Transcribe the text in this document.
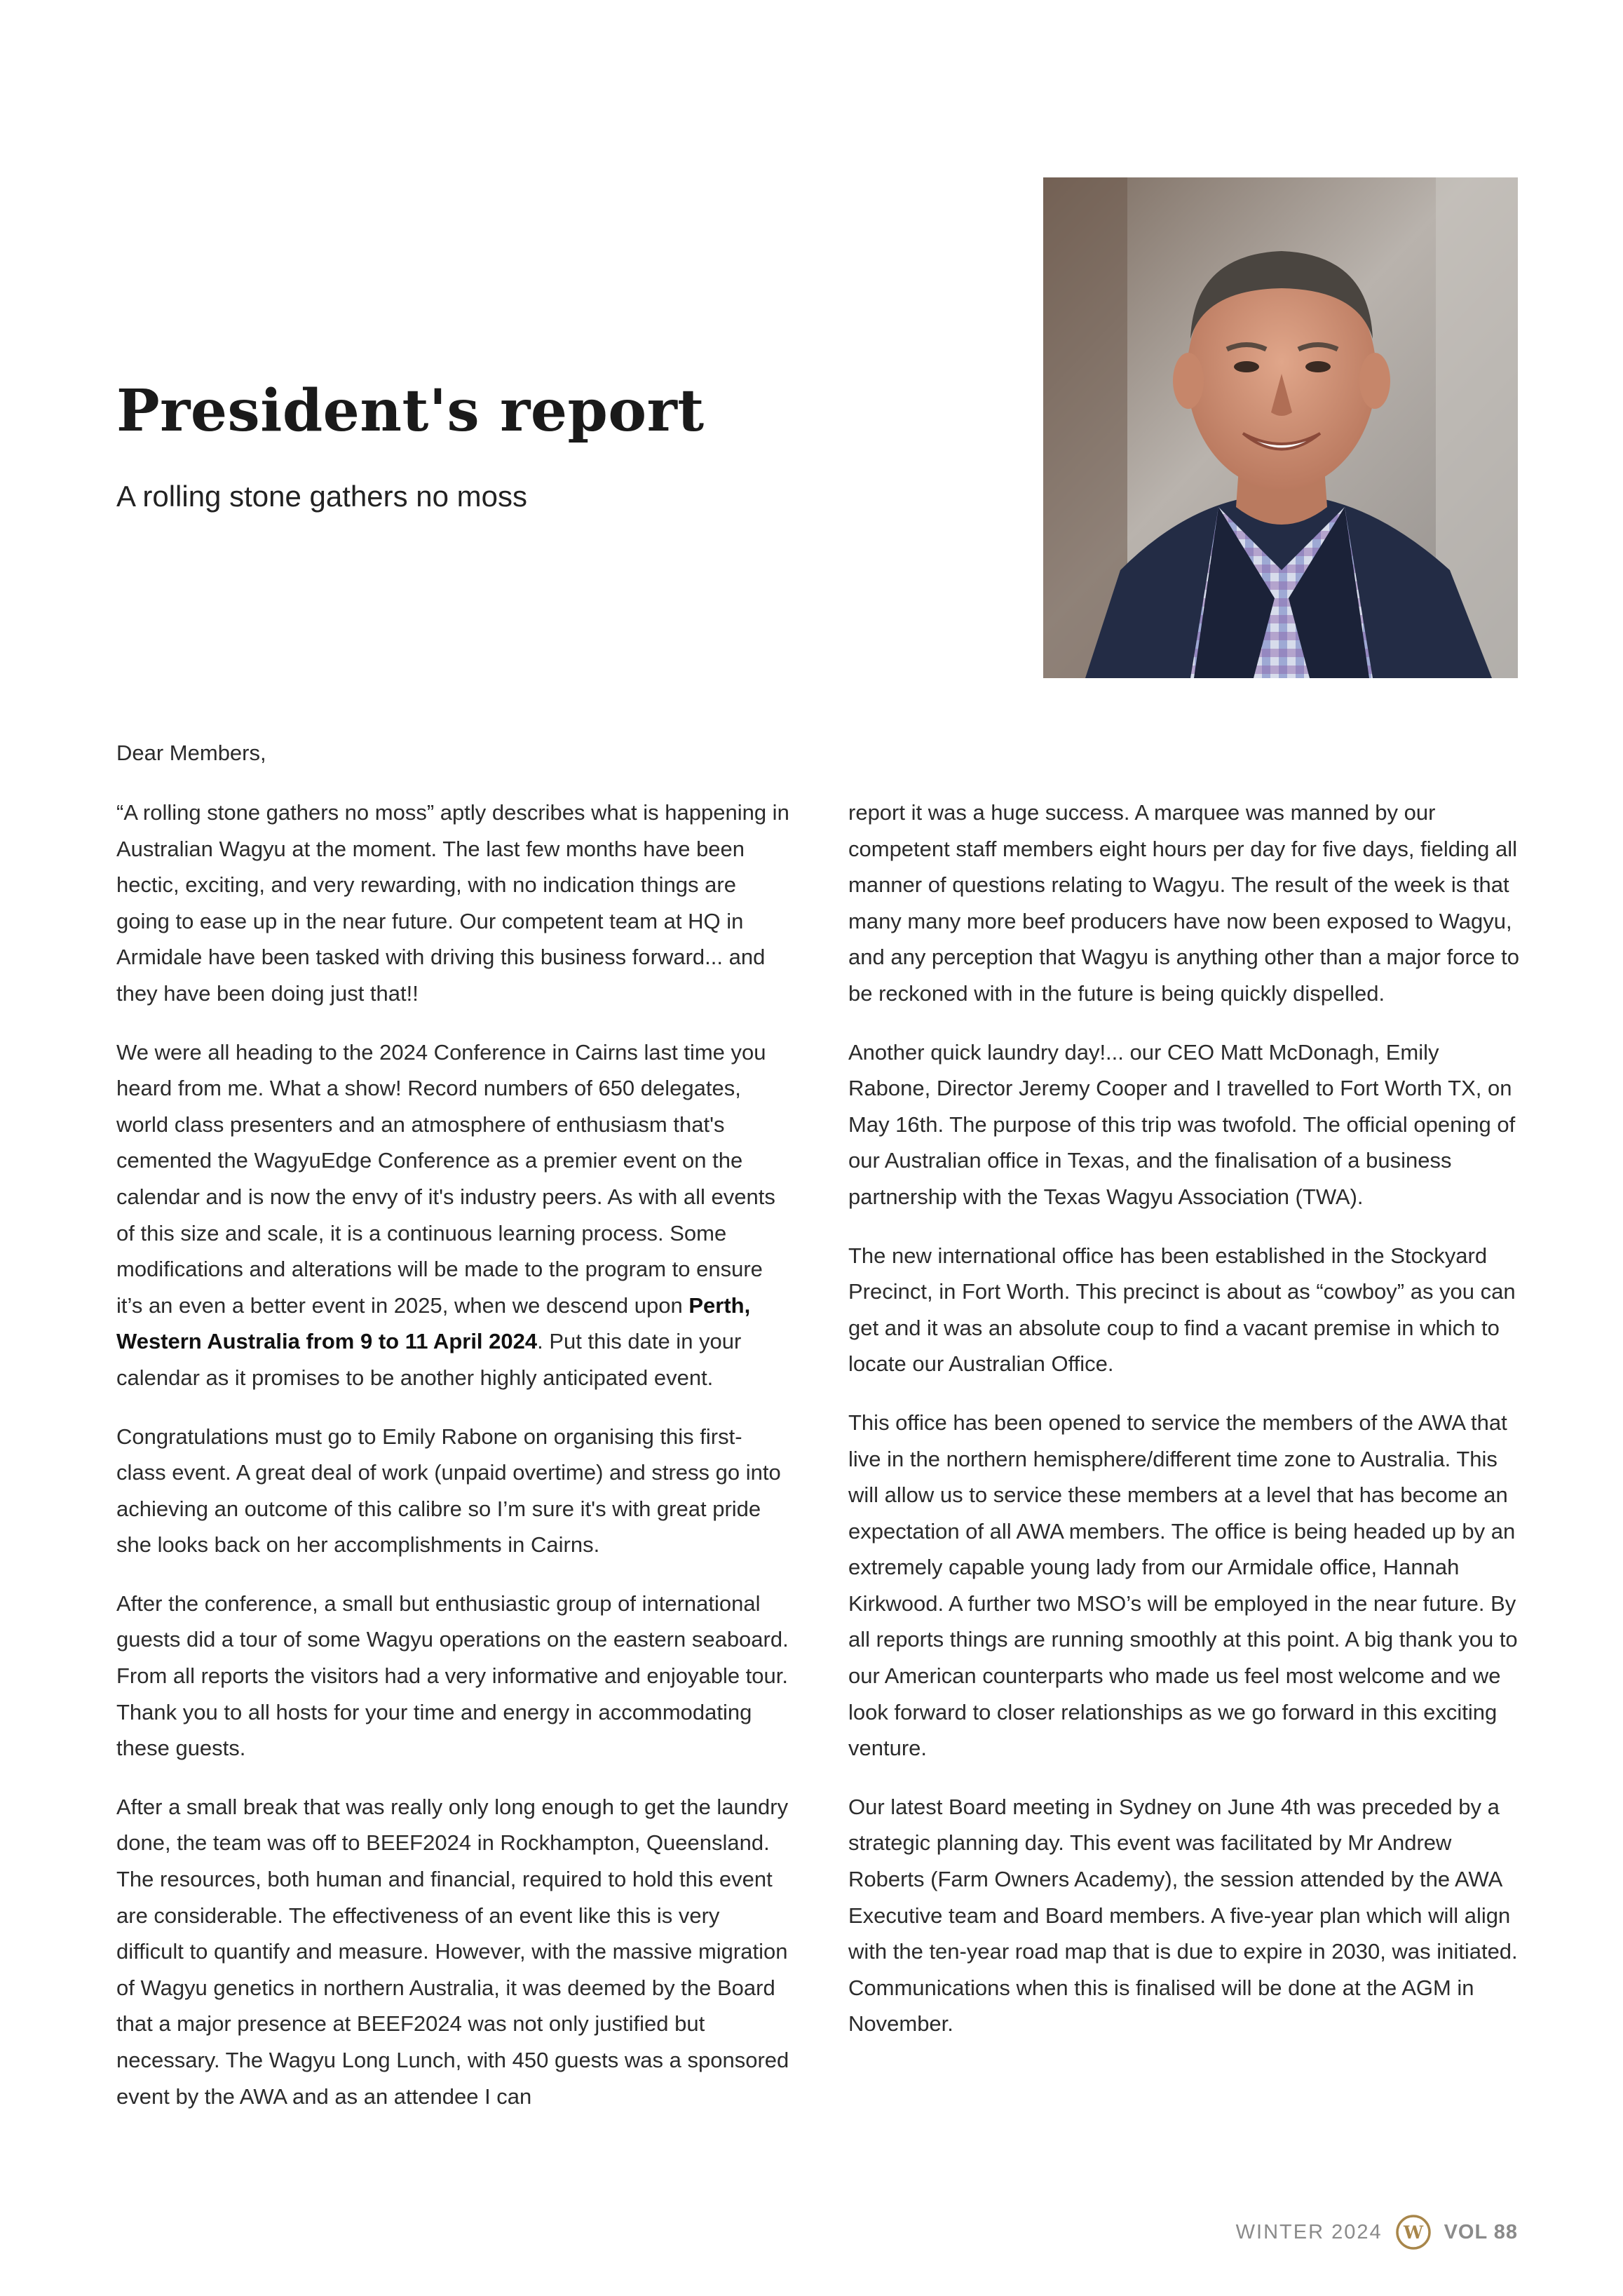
President's report
A rolling stone gathers no moss

Dear Members,

“A rolling stone gathers no moss” aptly describes what is happening in Australian Wagyu at the moment. The last few months have been hectic, exciting, and very rewarding, with no indication things are going to ease up in the near future. Our competent team at HQ in Armidale have been tasked with driving this business forward... and they have been doing just that!!

We were all heading to the 2024 Conference in Cairns last time you heard from me. What a show! Record numbers of 650 delegates, world class presenters and an atmosphere of enthusiasm that's cemented the WagyuEdge Conference as a premier event on the calendar and is now the envy of it's industry peers. As with all events of this size and scale, it is a continuous learning process. Some modifications and alterations will be made to the program to ensure it’s an even a better event in 2025, when we descend upon Perth, Western Australia from 9 to 11 April 2024. Put this date in your calendar as it promises to be another highly anticipated event.

Congratulations must go to Emily Rabone on organising this first-class event. A great deal of work (unpaid overtime) and stress go into achieving an outcome of this calibre so I’m sure it's with great pride she looks back on her accomplishments in Cairns.

After the conference, a small but enthusiastic group of international guests did a tour of some Wagyu operations on the eastern seaboard. From all reports the visitors had a very informative and enjoyable tour. Thank you to all hosts for your time and energy in accommodating these guests.

After a small break that was really only long enough to get the laundry done, the team was off to BEEF2024 in Rockhampton, Queensland. The resources, both human and financial, required to hold this event are considerable. The effectiveness of an event like this is very difficult to quantify and measure. However, with the massive migration of Wagyu genetics in northern Australia, it was deemed by the Board that a major presence at BEEF2024 was not only justified but necessary. The Wagyu Long Lunch, with 450 guests was a sponsored event by the AWA and as an attendee I can

report it was a huge success. A marquee was manned by our competent staff members eight hours per day for five days, fielding all manner of questions relating to Wagyu. The result of the week is that many many more beef producers have now been exposed to Wagyu, and any perception that Wagyu is anything other than a major force to be reckoned with in the future is being quickly dispelled.

Another quick laundry day!... our CEO Matt McDonagh, Emily Rabone, Director Jeremy Cooper and I travelled to Fort Worth TX, on May 16th. The purpose of this trip was twofold. The official opening of our Australian office in Texas, and the finalisation of a business partnership with the Texas Wagyu Association (TWA).

The new international office has been established in the Stockyard Precinct, in Fort Worth. This precinct is about as “cowboy” as you can get and it was an absolute coup to find a vacant premise in which to locate our Australian Office.

This office has been opened to service the members of the AWA that live in the northern hemisphere/different time zone to Australia. This will allow us to service these members at a level that has become an expectation of all AWA members. The office is being headed up by an extremely capable young lady from our Armidale office, Hannah Kirkwood. A further two MSO’s will be employed in the near future. By all reports things are running smoothly at this point. A big thank you to our American counterparts who made us feel most welcome and we look forward to closer relationships as we go forward in this exciting venture.

Our latest Board meeting in Sydney on June 4th was preceded by a strategic planning day. This event was facilitated by Mr Andrew Roberts (Farm Owners Academy), the session attended by the AWA Executive team and Board members. A five-year plan which will align with the ten-year road map that is due to expire in 2030, was initiated. Communications when this is finalised will be done at the AGM in November.

WINTER 2024 W VOL 88
